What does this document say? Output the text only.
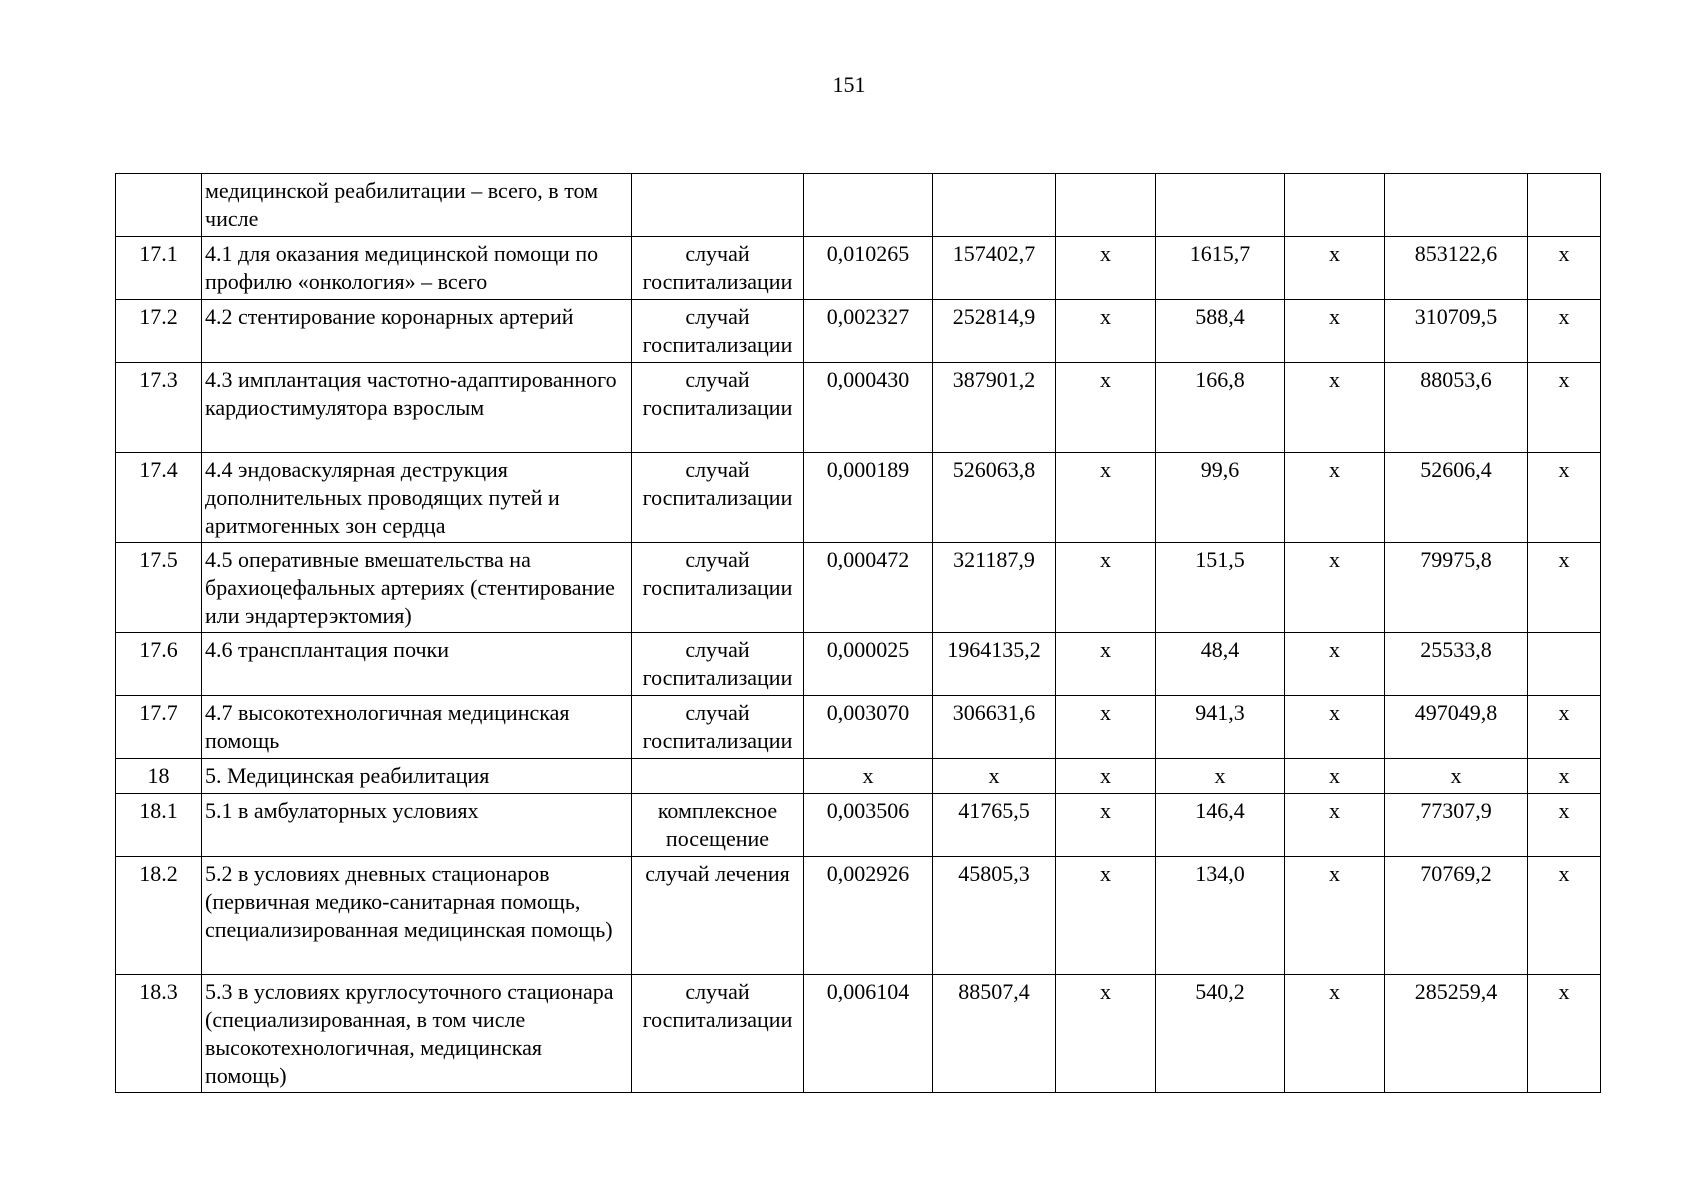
151
	медицинской реабилитации – всего, в том числе								
17.1	4.1 для оказания медицинской помощи по профилю «онкология» – всего	случай госпитализации	0,010265	157402,7	х	1615,7	х	853122,6	х
17.2	4.2 стентирование коронарных артерий	случай госпитализации	0,002327	252814,9	х	588,4	х	310709,5	х
17.3	4.3 имплантация частотно-адаптированного кардиостимулятора взрослым	случай госпитализации	0,000430	387901,2	х	166,8	х	88053,6	х
17.4	4.4 эндоваскулярная деструкция дополнительных проводящих путей и аритмогенных зон сердца	случай госпитализации	0,000189	526063,8	х	99,6	х	52606,4	х
17.5	4.5 оперативные вмешательства на брахиоцефальных артериях (стентирование или эндартерэктомия)	случай госпитализации	0,000472	321187,9	х	151,5	х	79975,8	х
17.6	4.6 трансплантация почки	случай госпитализации	0,000025	1964135,2	х	48,4	х	25533,8	
17.7	4.7 высокотехнологичная медицинская помощь	случай госпитализации	0,003070	306631,6	х	941,3	х	497049,8	х
18	5. Медицинская реабилитация		х	х	х	х	х	х	х
18.1	5.1 в амбулаторных условиях	комплексное посещение	0,003506	41765,5	х	146,4	х	77307,9	х
18.2	5.2 в условиях дневных стационаров (первичная медико-санитарная помощь, специализированная медицинская помощь)	случай лечения	0,002926	45805,3	х	134,0	х	70769,2	х
18.3	5.3 в условиях круглосуточного стационара (специализированная, в том числе высокотехнологичная, медицинская помощь)	случай госпитализации	0,006104	88507,4	х	540,2	х	285259,4	х
